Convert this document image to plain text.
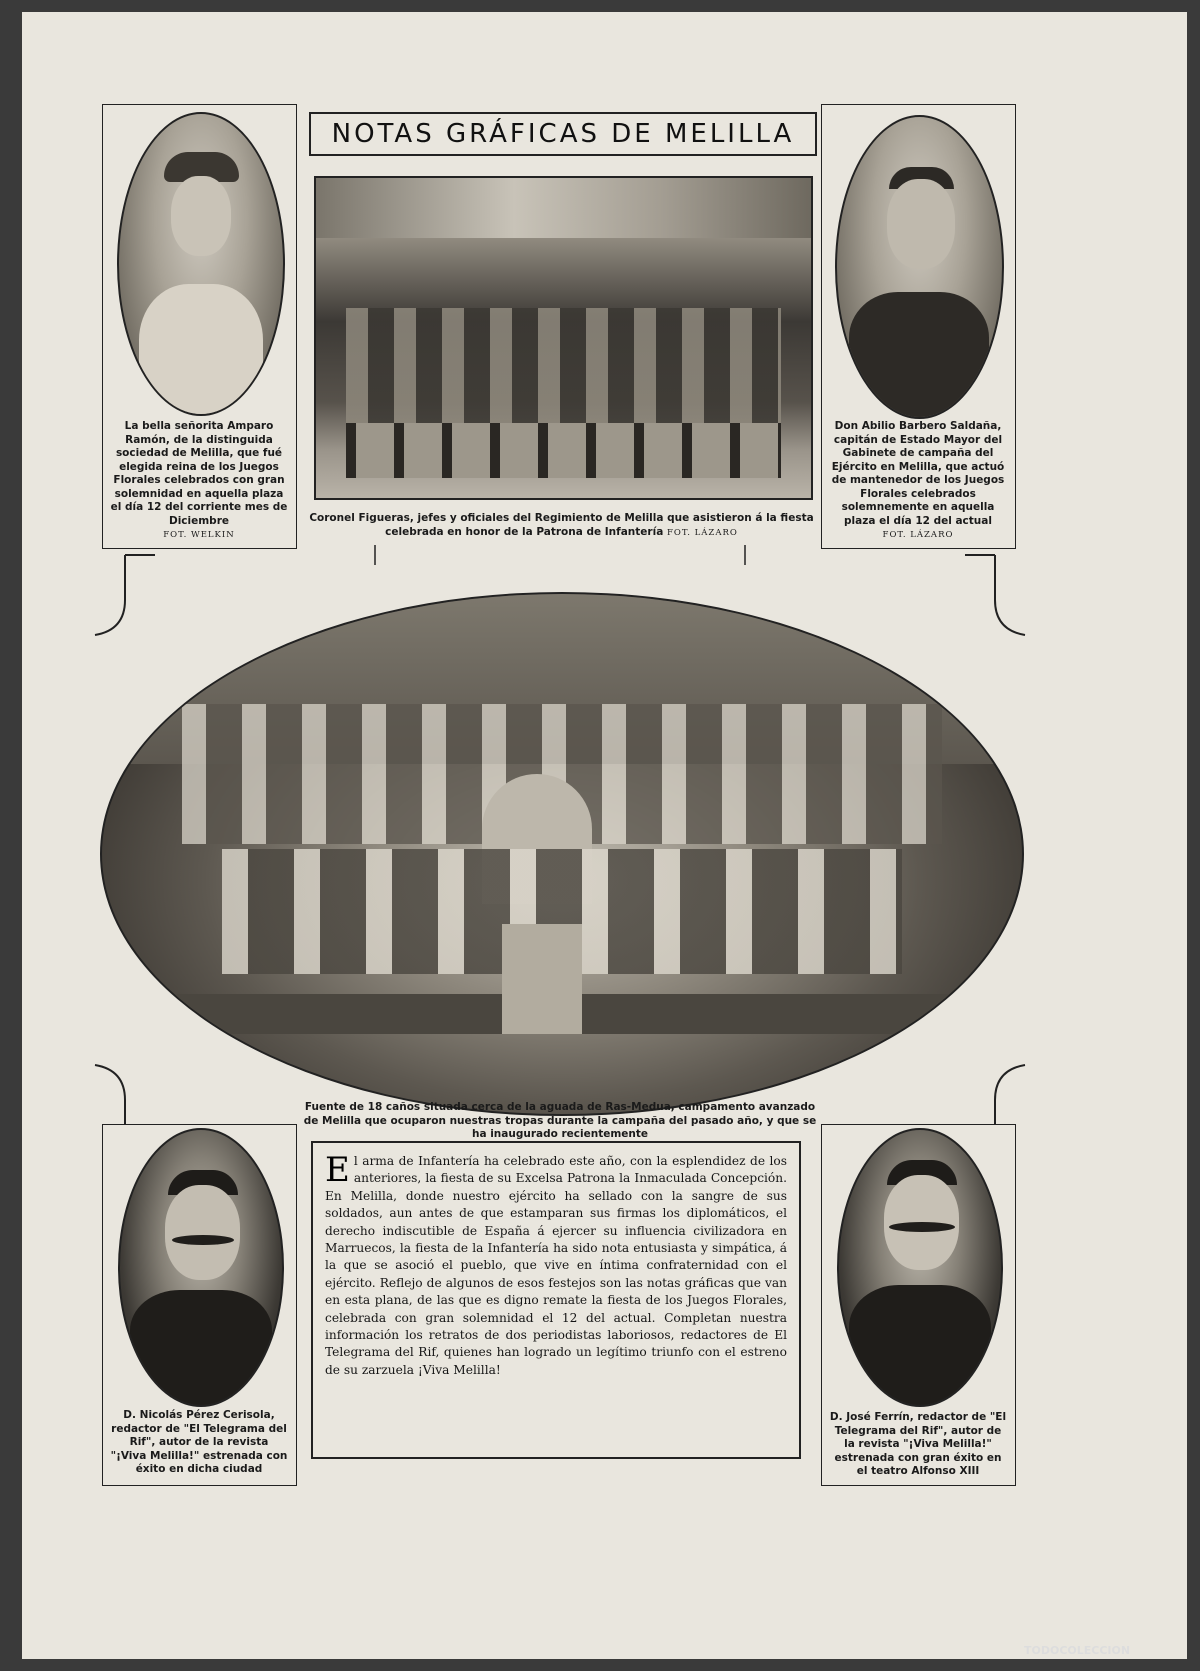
NOTAS GRÁFICAS DE MELILLA
La bella señorita Amparo Ramón, de la distinguida sociedad de Melilla, que fué elegida reina de los Juegos Florales celebrados con gran solemnidad en aquella plaza el día 12 del corriente mes de Diciembre
FOT. WELKIN
Don Abilio Barbero Saldaña, capitán de Estado Mayor del Gabinete de campaña del Ejército en Melilla, que actuó de mantenedor de los Juegos Florales celebrados solemnemente en aquella plaza el día 12 del actual
FOT. LÁZARO
Coronel Figueras, jefes y oficiales del Regimiento de Melilla que asistieron á la fiesta celebrada en honor de la Patrona de Infantería FOT. LÁZARO
Fuente de 18 caños situada cerca de la aguada de Ras-Medua, campamento avanzado de Melilla que ocuparon nuestras tropas durante la campaña del pasado año, y que se ha inaugurado recientemente
D. Nicolás Pérez Cerisola, redactor de "El Telegrama del Rif", autor de la revista "¡Viva Melilla!" estrenada con éxito en dicha ciudad
D. José Ferrín, redactor de "El Telegrama del Rif", autor de la revista "¡Viva Melilla!" estrenada con gran éxito en el teatro Alfonso XIII
E l arma de Infantería ha celebrado este año, con la esplendidez de los anteriores, la fiesta de su Excelsa Patrona la Inmaculada Concepción. En Melilla, donde nuestro ejército ha sellado con la sangre de sus soldados, aun antes de que estamparan sus firmas los diplomáticos, el derecho indiscutible de España á ejercer su influencia civilizadora en Marruecos, la fiesta de la Infantería ha sido nota entusiasta y simpática, á la que se asoció el pueblo, que vive en íntima confraternidad con el ejército. Reflejo de algunos de esos festejos son las notas gráficas que van en esta plana, de las que es digno remate la fiesta de los Juegos Florales, celebrada con gran solemnidad el 12 del actual. Completan nuestra información los retratos de dos periodistas laboriosos, redactores de El Telegrama del Rif, quienes han logrado un legítimo triunfo con el estreno de su zarzuela ¡Viva Melilla!

TODOCOLECCION
